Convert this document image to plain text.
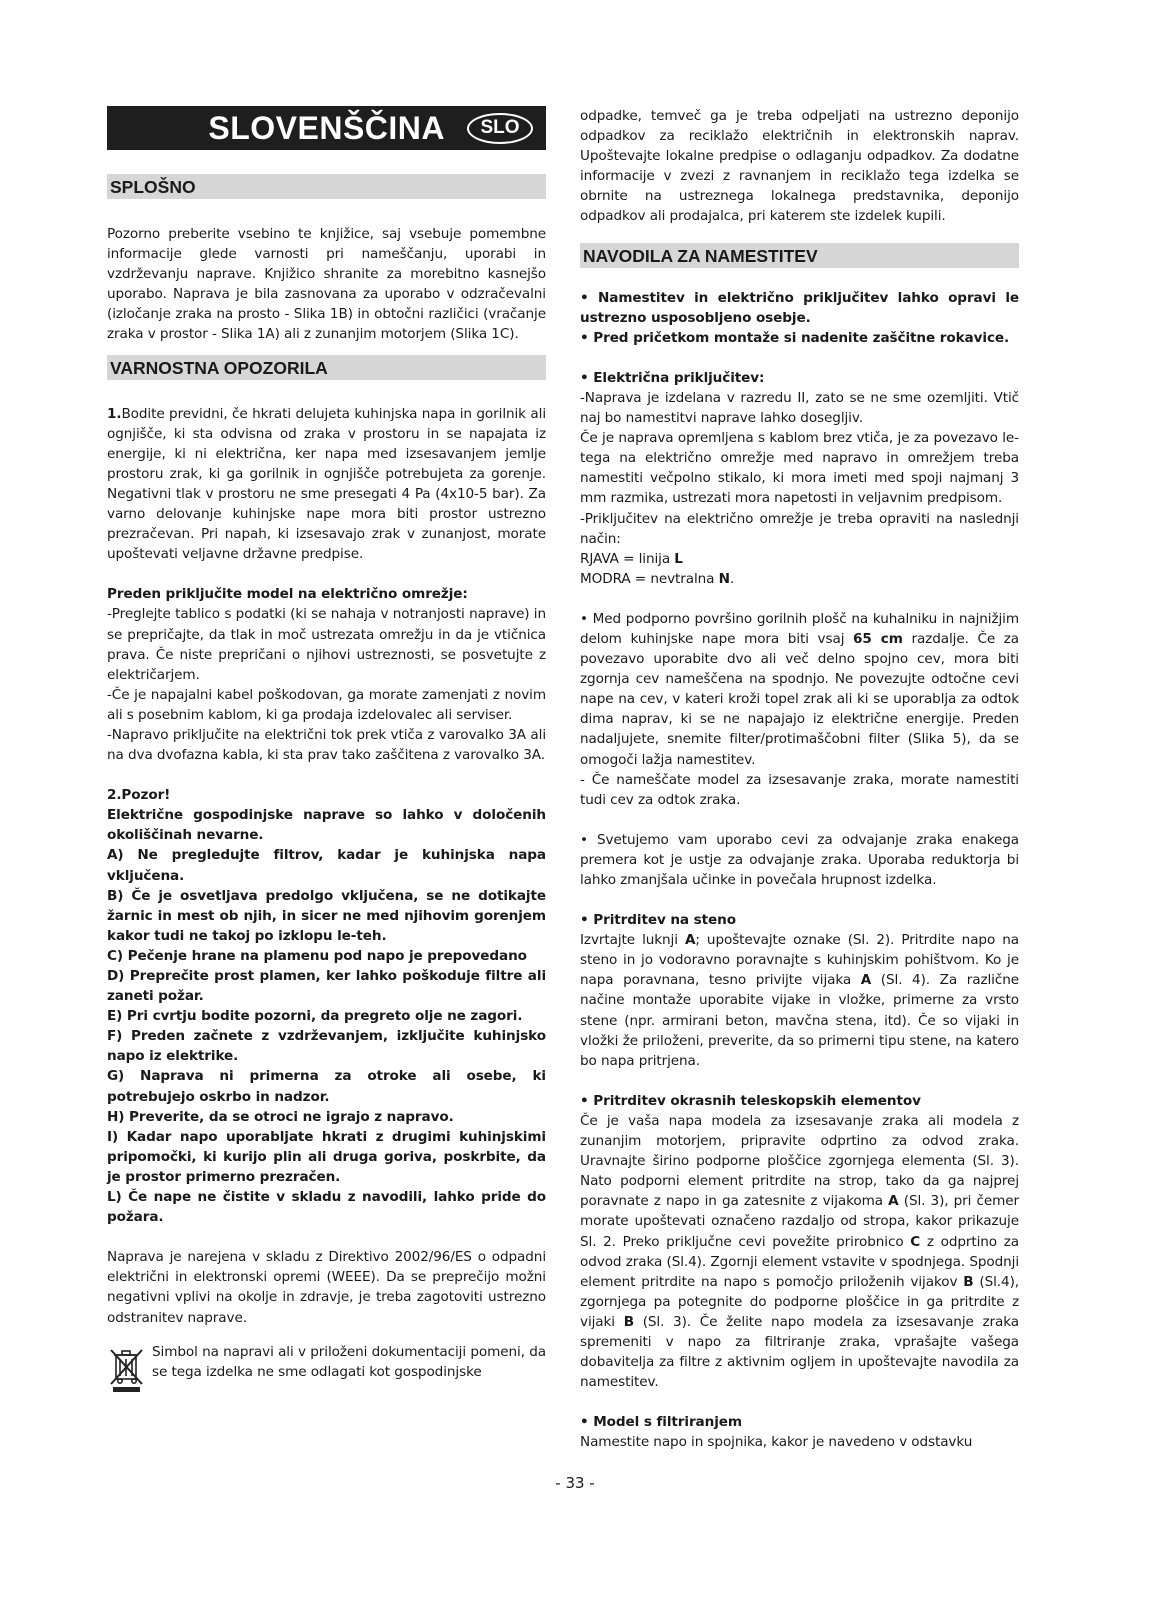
SLOVENŠČINA	SLO
SPLOŠNO

Pozorno preberite vsebino te knjižice, saj vsebuje pomembne informacije glede varnosti pri nameščanju, uporabi in vzdrževanju naprave. Knjižico shranite za morebitno kasnejšo uporabo. Naprava je bila zasnovana za uporabo v odzračevalni (izločanje zraka na prosto - Slika 1B) in obtočni različici (vračanje zraka v prostor - Slika 1A) ali z zunanjim motorjem (Slika 1C).

VARNOSTNA OPOZORILA

1.Bodite previdni, če hkrati delujeta kuhinjska napa in gorilnik ali ognjišče, ki sta odvisna od zraka v prostoru in se napajata iz energije, ki ni električna, ker napa med izsesavanjem jemlje prostoru zrak, ki ga gorilnik in ognjišče potrebujeta za gorenje. Negativni tlak v prostoru ne sme presegati 4 Pa (4x10-5 bar). Za varno delovanje kuhinjske nape mora biti prostor ustrezno prezračevan. Pri napah, ki izsesavajo zrak v zunanjost, morate upoštevati veljavne državne predpise.

Preden priključite model na električno omrežje:

-Preglejte tablico s podatki (ki se nahaja v notranjosti naprave) in se prepričajte, da tlak in moč ustrezata omrežju in da je vtičnica prava. Če niste prepričani o njihovi ustreznosti, se posvetujte z električarjem.

-Če je napajalni kabel poškodovan, ga morate zamenjati z novim ali s posebnim kablom, ki ga prodaja izdelovalec ali serviser.

-Napravo priključite na električni tok prek vtiča z varovalko 3A ali na dva dvofazna kabla, ki sta prav tako zaščitena z varovalko 3A.

2.Pozor!

Električne gospodinjske naprave so lahko v določenih okoliščinah nevarne.

A) Ne pregledujte filtrov, kadar je kuhinjska napa vključena.

B) Če je osvetljava predolgo vključena, se ne dotikajte žarnic in mest ob njih, in sicer ne med njihovim gorenjem kakor tudi ne takoj po izklopu le-teh.

C) Pečenje hrane na plamenu pod napo je prepovedano

D) Preprečite prost plamen, ker lahko poškoduje filtre ali zaneti požar.

E) Pri cvrtju bodite pozorni, da pregreto olje ne zagori.

F) Preden začnete z vzdrževanjem, izključite kuhinjsko napo iz elektrike.

G) Naprava ni primerna za otroke ali osebe, ki potrebujejo oskrbo in nadzor.

H) Preverite, da se otroci ne igrajo z napravo.

I) Kadar napo uporabljate hkrati z drugimi kuhinjskimi pripomočki, ki kurijo plin ali druga goriva, poskrbite, da je prostor primerno prezračen.

L) Če nape ne čistite v skladu z navodili, lahko pride do požara.

Naprava je narejena v skladu z Direktivo 2002/96/ES o odpadni električni in elektronski opremi (WEEE). Da se preprečijo možni negativni vplivi na okolje in zdravje, je treba zagotoviti ustrezno odstranitev naprave.

Simbol na napravi ali v priloženi dokumentaciji pomeni, da se tega izdelka ne sme odlagati kot gospodinjske

odpadke, temveč ga je treba odpeljati na ustrezno deponijo odpadkov za reciklažo električnih in elektronskih naprav. Upoštevajte lokalne predpise o odlaganju odpadkov. Za dodatne informacije v zvezi z ravnanjem in reciklažo tega izdelka se obrnite na ustreznega lokalnega predstavnika, deponijo odpadkov ali prodajalca, pri katerem ste izdelek kupili.

NAVODILA ZA NAMESTITEV

• Namestitev in električno priključitev lahko opravi le ustrezno usposobljeno osebje.

• Pred pričetkom montaže si nadenite zaščitne rokavice.

• Električna priključitev:

-Naprava je izdelana v razredu II, zato se ne sme ozemljiti. Vtič naj bo namestitvi naprave lahko dosegljiv.

Če je naprava opremljena s kablom brez vtiča, je za povezavo le-tega na električno omrežje med napravo in omrežjem treba namestiti večpolno stikalo, ki mora imeti med spoji najmanj 3 mm razmika, ustrezati mora napetosti in veljavnim predpisom.

-Priključitev na električno omrežje je treba opraviti na naslednji način:

RJAVA = linija L

MODRA = nevtralna N.

• Med podporno površino gorilnih plošč na kuhalniku in najnižjim delom kuhinjske nape mora biti vsaj 65 cm razdalje. Če za povezavo uporabite dvo ali več delno spojno cev, mora biti zgornja cev nameščena na spodnjo. Ne povezujte odtočne cevi nape na cev, v kateri kroži topel zrak ali ki se uporablja za odtok dima naprav, ki se ne napajajo iz električne energije. Preden nadaljujete, snemite filter/protimaščobni filter (Slika 5), da se omogoči lažja namestitev.

- Če nameščate model za izsesavanje zraka, morate namestiti tudi cev za odtok zraka.

• Svetujemo vam uporabo cevi za odvajanje zraka enakega premera kot je ustje za odvajanje zraka. Uporaba reduktorja bi lahko zmanjšala učinke in povečala hrupnost izdelka.

• Pritrditev na steno

Izvrtajte luknji A; upoštevajte oznake (Sl. 2). Pritrdite napo na steno in jo vodoravno poravnajte s kuhinjskim pohištvom. Ko je napa poravnana, tesno privijte vijaka A (Sl. 4). Za različne načine montaže uporabite vijake in vložke, primerne za vrsto stene (npr. armirani beton, mavčna stena, itd). Če so vijaki in vložki že priloženi, preverite, da so primerni tipu stene, na katero bo napa pritrjena.

• Pritrditev okrasnih teleskopskih elementov

Če je vaša napa modela za izsesavanje zraka ali modela z zunanjim motorjem, pripravite odprtino za odvod zraka. Uravnajte širino podporne ploščice zgornjega elementa (Sl. 3). Nato podporni element pritrdite na strop, tako da ga najprej poravnate z napo in ga zatesnite z vijakoma A (Sl. 3), pri čemer morate upoštevati označeno razdaljo od stropa, kakor prikazuje Sl. 2. Preko priključne cevi povežite prirobnico C z odprtino za odvod zraka (Sl.4). Zgornji element vstavite v spodnjega. Spodnji element pritrdite na napo s pomočjo priloženih vijakov B (Sl.4), zgornjega pa potegnite do podporne ploščice in ga pritrdite z vijaki B (Sl. 3). Če želite napo modela za izsesavanje zraka spremeniti v napo za filtriranje zraka, vprašajte vašega dobavitelja za filtre z aktivnim ogljem in upoštevajte navodila za namestitev.

• Model s filtriranjem

Namestite napo in spojnika, kakor je navedeno v odstavku

- 33 -
